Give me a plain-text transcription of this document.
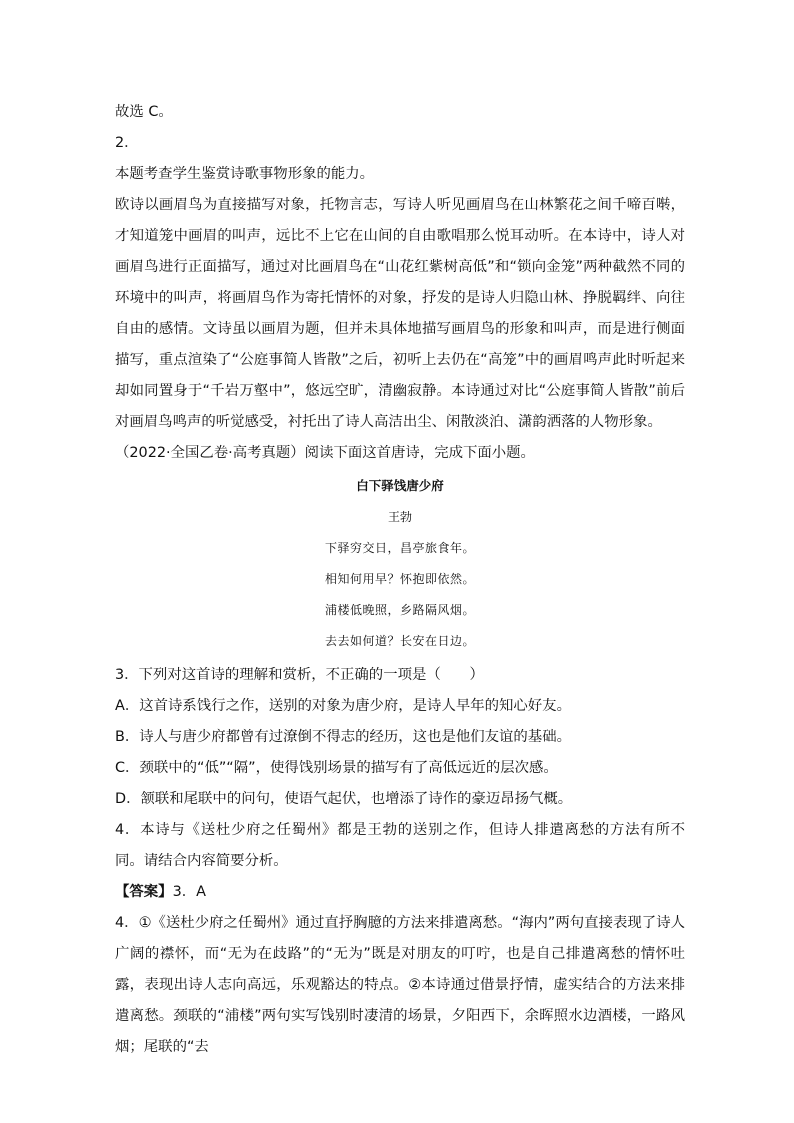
故选 C。

2．

本题考查学生鉴赏诗歌事物形象的能力。

欧诗以画眉鸟为直接描写对象，托物言志，写诗人听见画眉鸟在山林繁花之间千啼百啭，才知道笼中画眉的叫声，远比不上它在山间的自由歌唱那么悦耳动听。在本诗中，诗人对画眉鸟进行正面描写，通过对比画眉鸟在“山花红紫树高低”和“锁向金笼”两种截然不同的环境中的叫声，将画眉鸟作为寄托情怀的对象，抒发的是诗人归隐山林、挣脱羁绊、向往自由的感情。文诗虽以画眉为题，但并未具体地描写画眉鸟的形象和叫声，而是进行侧面描写，重点渲染了“公庭事简人皆散”之后，初听上去仍在“高笼”中的画眉鸣声此时听起来却如同置身于“千岩万壑中”，悠远空旷，清幽寂静。本诗通过对比“公庭事简人皆散”前后对画眉鸟鸣声的听觉感受，衬托出了诗人高洁出尘、闲散淡泊、潇韵洒落的人物形象。

（2022·全国乙卷·高考真题）阅读下面这首唐诗，完成下面小题。

白下驿饯唐少府

王勃

下驿穷交日，昌亭旅食年。

相知何用早？怀抱即依然。

浦楼低晚照，乡路隔风烟。

去去如何道？长安在日边。

3．下列对这首诗的理解和赏析，不正确的一项是（　　）

A．这首诗系饯行之作，送别的对象为唐少府，是诗人早年的知心好友。

B．诗人与唐少府都曾有过潦倒不得志的经历，这也是他们友谊的基础。

C．颈联中的“低”“隔”，使得饯别场景的描写有了高低远近的层次感。

D．颔联和尾联中的问句，使语气起伏，也增添了诗作的豪迈昂扬气概。

4．本诗与《送杜少府之任蜀州》都是王勃的送别之作，但诗人排遣离愁的方法有所不同。请结合内容简要分析。

【答案】3．A

4．①《送杜少府之任蜀州》通过直抒胸臆的方法来排遣离愁。“海内”两句直接表现了诗人广阔的襟怀，而“无为在歧路”的“无为”既是对朋友的叮咛，也是自己排遣离愁的情怀吐露，表现出诗人志向高远，乐观豁达的特点。②本诗通过借景抒情，虚实结合的方法来排遣离愁。颈联的“浦楼”两句实写饯别时凄清的场景，夕阳西下，余晖照水边酒楼，一路风烟；尾联的“去
